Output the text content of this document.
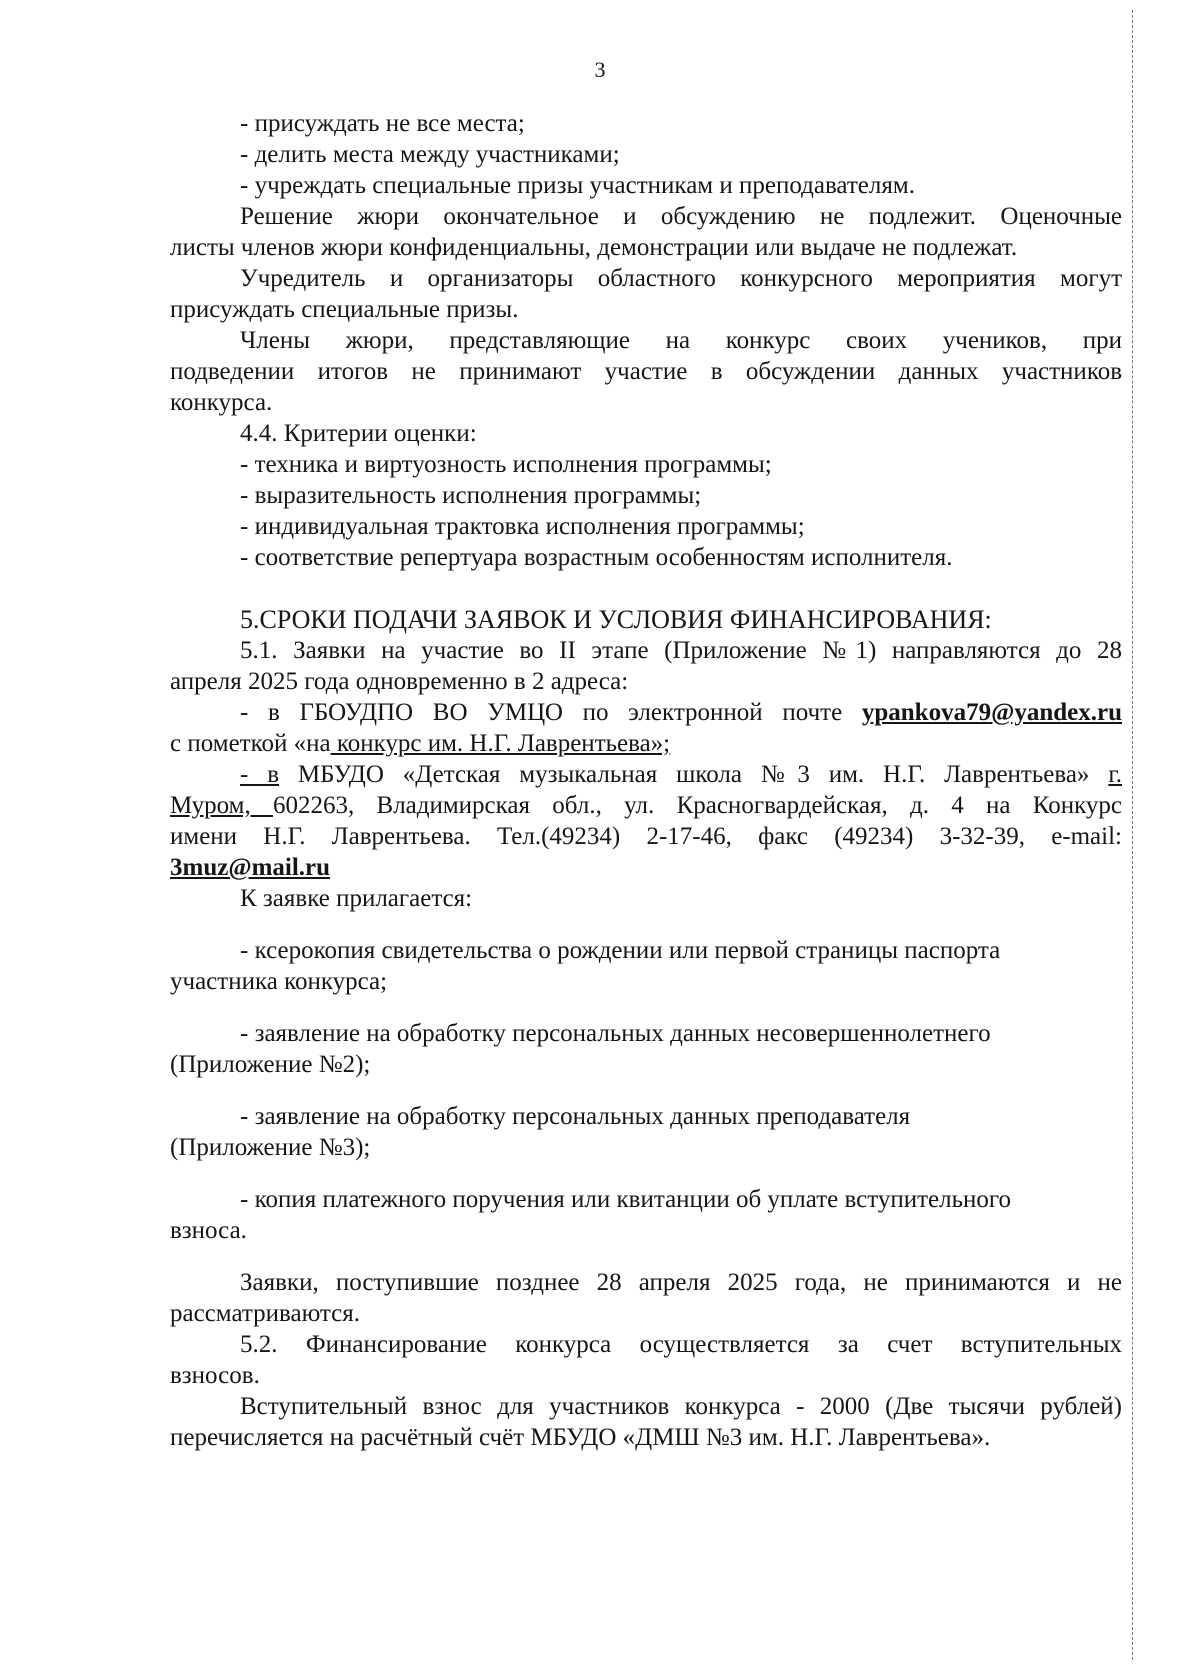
3

- присуждать не все места;

- делить места между участниками;

- учреждать специальные призы участникам и преподавателям.

Решение жюри окончательное и обсуждению не подлежит. Оценочные

листы членов жюри конфиденциальны, демонстрации или выдаче не подлежат.

Учредитель и организаторы областного конкурсного мероприятия могут

присуждать специальные призы.

Члены жюри, представляющие на конкурс своих учеников, при

подведении итогов не принимают участие в обсуждении данных участников

конкурса.

4.4. Критерии оценки:

- техника и виртуозность исполнения программы;

- выразительность исполнения программы;

- индивидуальная трактовка исполнения программы;

- соответствие репертуара возрастным особенностям исполнителя.

5.СРОКИ ПОДАЧИ ЗАЯВОК И УСЛОВИЯ ФИНАНСИРОВАНИЯ:

5.1. Заявки на участие во II этапе (Приложение №1) направляются до 28

апреля 2025 года одновременно в 2 адреса:

- в ГБОУДПО ВО УМЦО по электронной почте ypankova79@yandex.ru

с пометкой «на конкурс им. Н.Г. Лаврентьева»;

- в МБУДО «Детская музыкальная школа №3 им. Н.Г. Лаврентьева» г.

Муром, 602263, Владимирская обл., ул. Красногвардейская, д. 4 на Конкурс

имени Н.Г. Лаврентьева. Тел.(49234) 2-17-46, факс (49234) 3-32-39, e-mail:

3muz@mail.ru

К заявке прилагается:

- ксерокопия свидетельства о рождении или первой страницы паспорта

участника конкурса;

- заявление на обработку персональных данных несовершеннолетнего

(Приложение №2);

- заявление на обработку персональных данных преподавателя

(Приложение №3);

- копия платежного поручения или квитанции об уплате вступительного

взноса.

Заявки, поступившие позднее 28 апреля 2025 года, не принимаются и не

рассматриваются.

5.2. Финансирование конкурса осуществляется за счет вступительных

взносов.

Вступительный взнос для участников конкурса - 2000 (Две тысячи рублей)

перечисляется на расчётный счёт МБУДО «ДМШ №3 им. Н.Г. Лаврентьева».
